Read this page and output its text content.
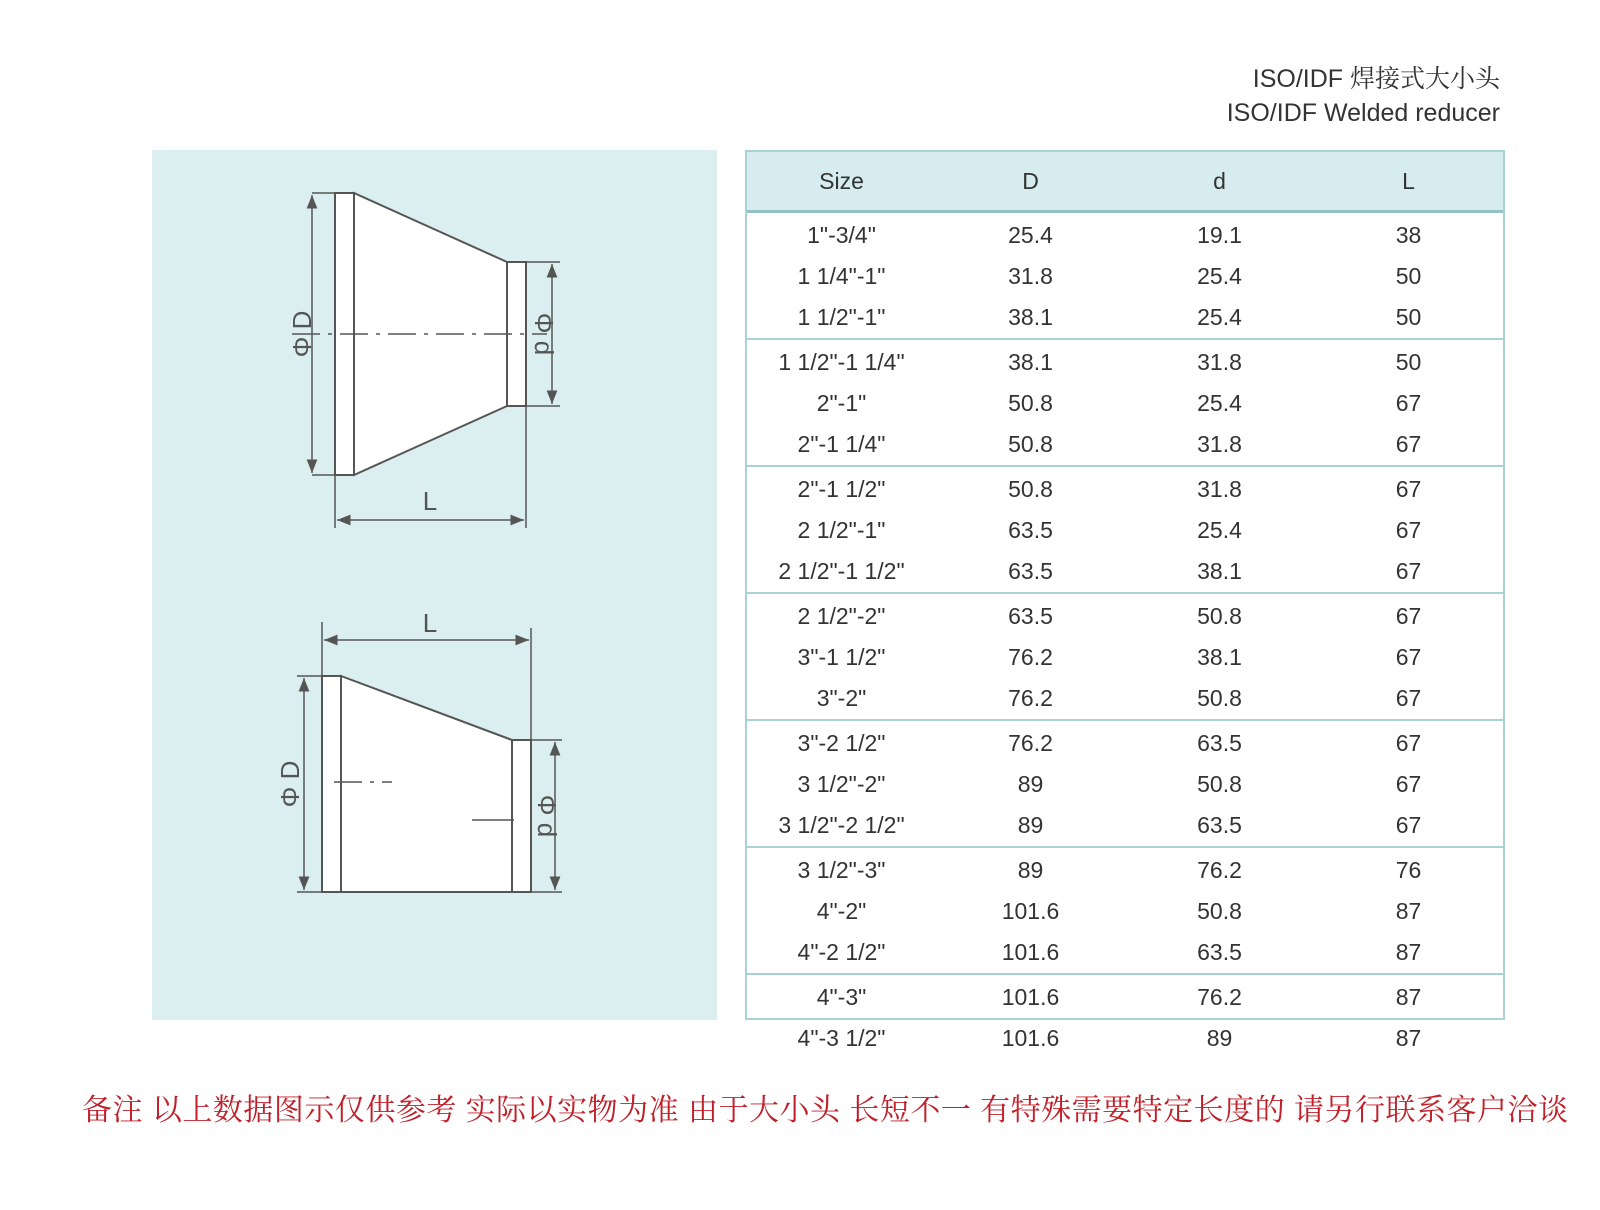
ISO/IDF 焊接式大小头
ISO/IDF Welded reducer
Φ D	Φ d
L
Φ D
Φ d
L
Size	D	d	L
1"-3/4"	25.4	19.1	38
1 1/4"-1"	31.8	25.4	50
1 1/2"-1"	38.1	25.4	50
1 1/2"-1 1/4"	38.1	31.8	50
2"-1"	50.8	25.4	67
2"-1 1/4"	50.8	31.8	67
2"-1 1/2"	50.8	31.8	67
2 1/2"-1"	63.5	25.4	67
2 1/2"-1 1/2"	63.5	38.1	67
2 1/2"-2"	63.5	50.8	67
3"-1 1/2"	76.2	38.1	67
3"-2"	76.2	50.8	67
3"-2 1/2"	76.2	63.5	67
3 1/2"-2"	89	50.8	67
3 1/2"-2 1/2"	89	63.5	67
3 1/2"-3"	89	76.2	76
4"-2"	101.6	50.8	87
4"-2 1/2"	101.6	63.5	87
4"-3"	101.6	76.2	87
4"-3 1/2"	101.6	89	87
备注 以上数据图示仅供参考 实际以实物为准 由于大小头 长短不一 有特殊需要特定长度的 请另行联系客户洽谈
